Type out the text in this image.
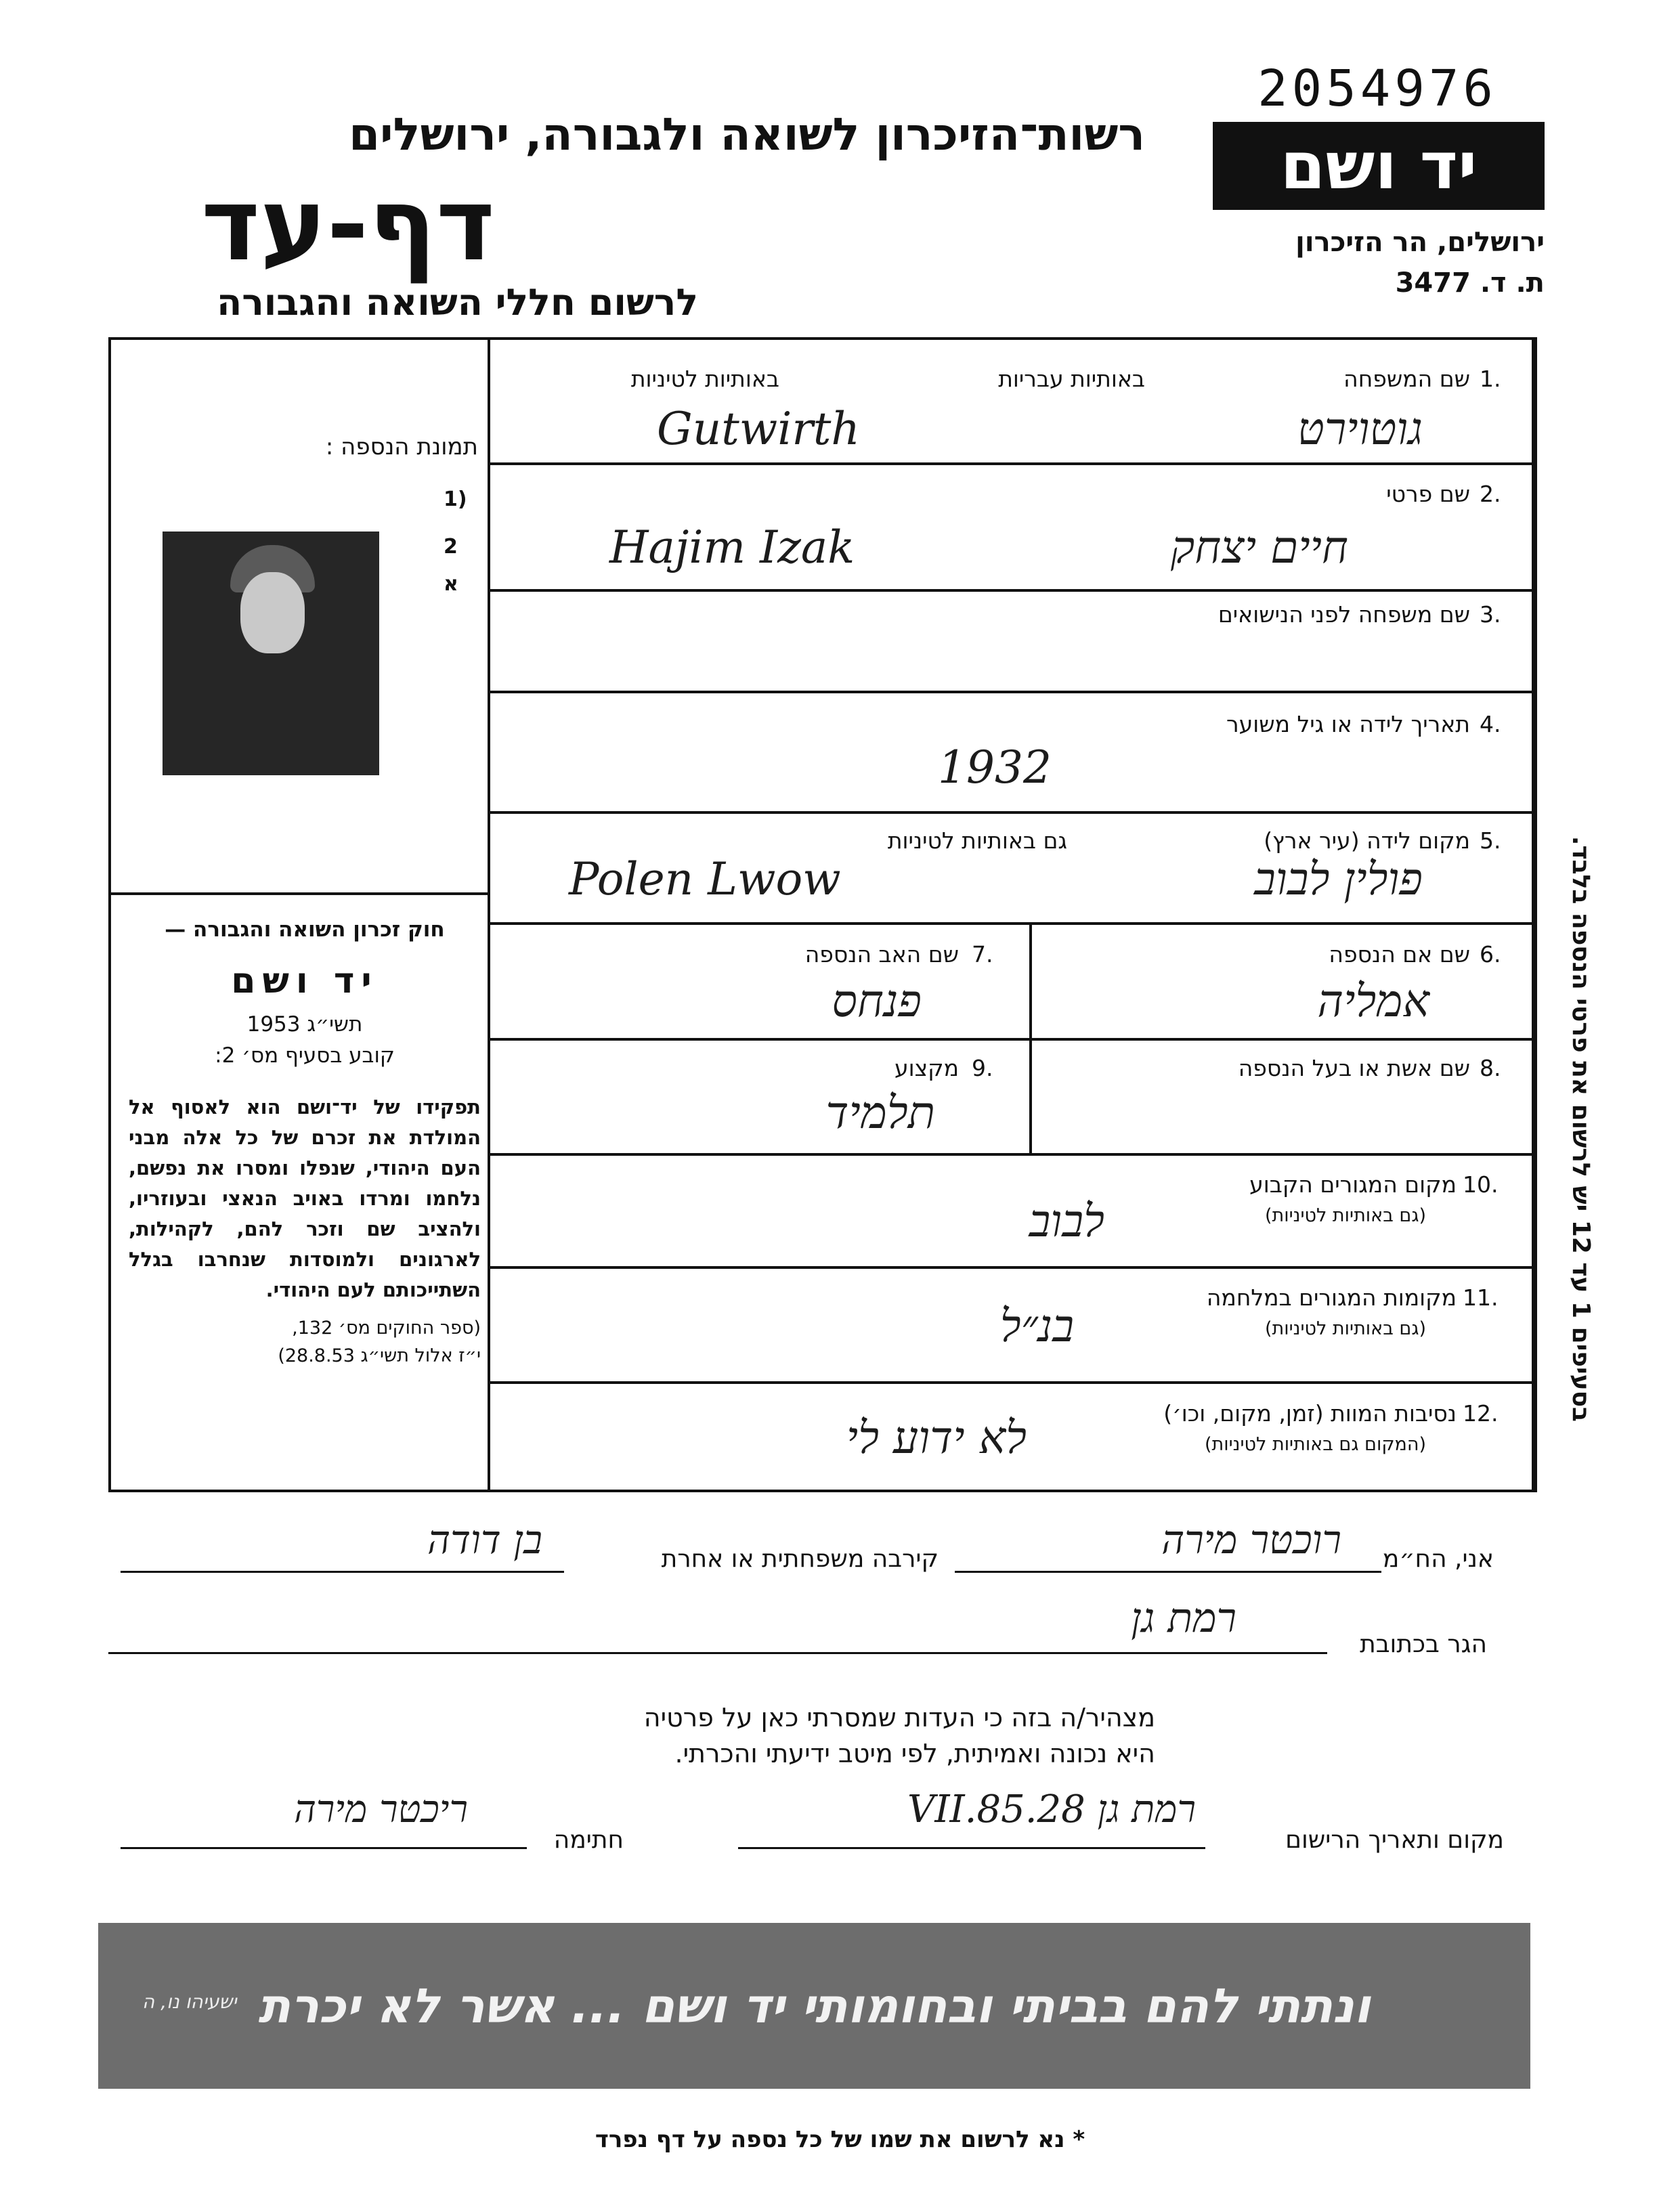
2054976
יד ושם
ירושלים, הר הזיכרון
ת. ד. 3477
רשות־הזיכרון לשואה ולגבורה, ירושלים
דף-עד
לרשום חללי השואה והגבורה
תמונת הנספה :
1)
2
א
חוק זכרון השואה והגבורה —
יד ושם
תשי״ג 1953
קובע בסעיף מס׳ 2:
תפקידו של יד־ושם הוא לאסוף אל המולדת את זכרם של כל אלה מבני העם היהודי, שנפלו ומסרו את נפשם, נלחמו ומרדו באויב הנאצי ובעוזריו, ולהציב שם וזכר להם, לקהילות, לארגונים ולמוסדות שנחרבו בגלל השתייכותם לעם היהודי.
(ספר החוקים מס׳ 132,
י״ז אלול תשי״ג 28.8.53)
בסעיפים 1 עד 12 יש לרשום את פרטי הנספה בלבד.
1.
שם המשפחה
באותיות עבריות
באותיות לטיניות
Gutwirth	גוטוירט
2.
שם פרטי
Hajim Izak	חיים יצחק
3.
שם משפחה לפני הנישואים
4.
תאריך לידה או גיל משוער
1932
5.
מקום לידה (עיר ארץ)
גם באותיות לטיניות
Polen Lwow	פולין לבוב
6.
שם אם הנספה
אמליה
7.
שם האב הנספה
פנחס
8.
שם אשת או בעל הנספה
9.
מקצוע
תלמיד
10.
מקום המגורים הקבוע
(גם באותיות לטיניות)
לבוב
11.
מקומות המגורים במלחמה
(גם באותיות לטיניות)
בנ״ל
12.
נסיבות המוות (זמן, מקום, וכו׳)
(המקום גם באותיות לטיניות)
לא ידוע לי
אני, הח״מ
רוכטר מירה
קירבה משפחתית או אחרת
בן דודה
הגר בכתובת
רמת גן
מצהיר/ה בזה כי העדות שמסרתי כאן על פרטיה
היא נכונה ואמיתית, לפי מיטב ידיעתי והכרתי.
מקום ותאריך הרישום
רמת גן 28.VII.85
חתימה
ריכטר מירה
ונתתי להם בביתי ובחומותי יד ושם ... אשר לא יכרת
ישעיהו נו, ה
* נא לרשום את שמו של כל נספה על דף נפרד
